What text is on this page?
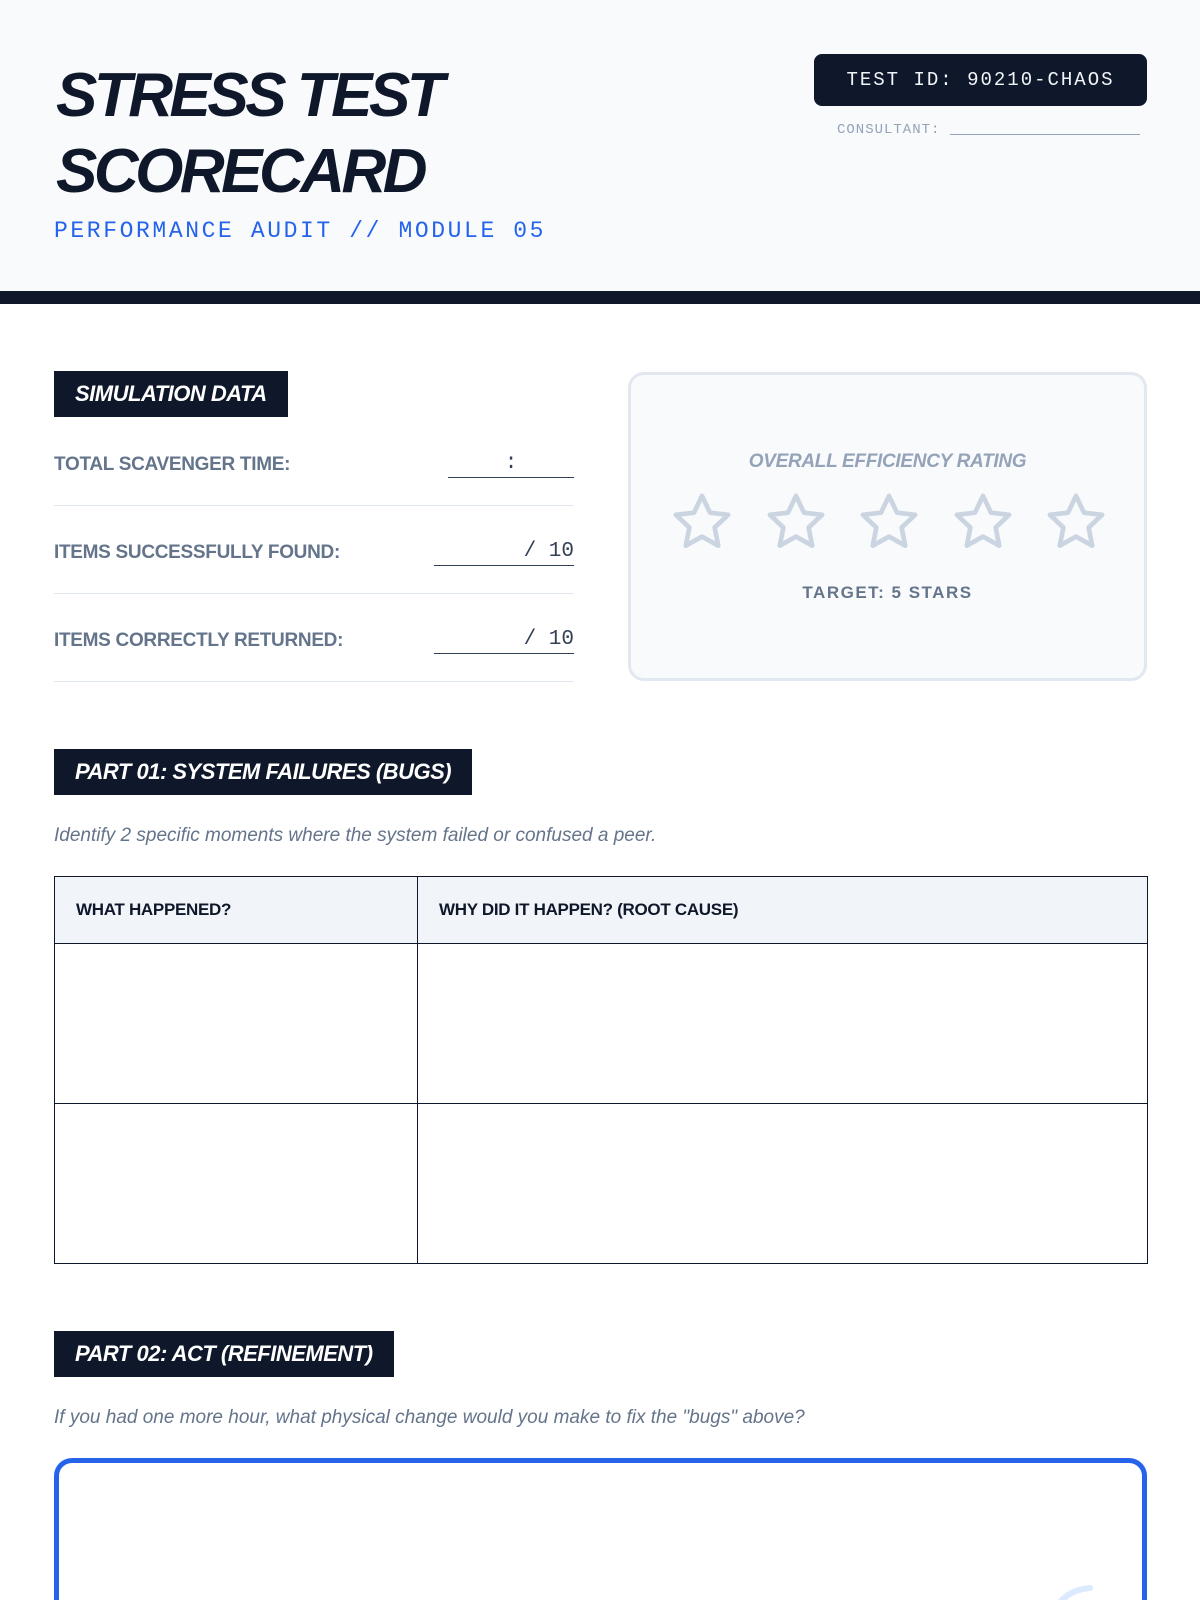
STRESS TEST SCORECARD
PERFORMANCE AUDIT // MODULE 05
TEST ID: 90210-CHAOS
CONSULTANT:
SIMULATION DATA
TOTAL SCAVENGER TIME:	:
ITEMS SUCCESSFULLY FOUND:	/ 10
ITEMS CORRECTLY RETURNED:	/ 10
OVERALL EFFICIENCY RATING
TARGET: 5 STARS
PART 01: SYSTEM FAILURES (BUGS)
Identify 2 specific moments where the system failed or confused a peer.
WHAT HAPPENED?	WHY DID IT HAPPEN? (ROOT CAUSE)

PART 02: ACT (REFINEMENT)
If you had one more hour, what physical change would you make to fix the "bugs" above?
